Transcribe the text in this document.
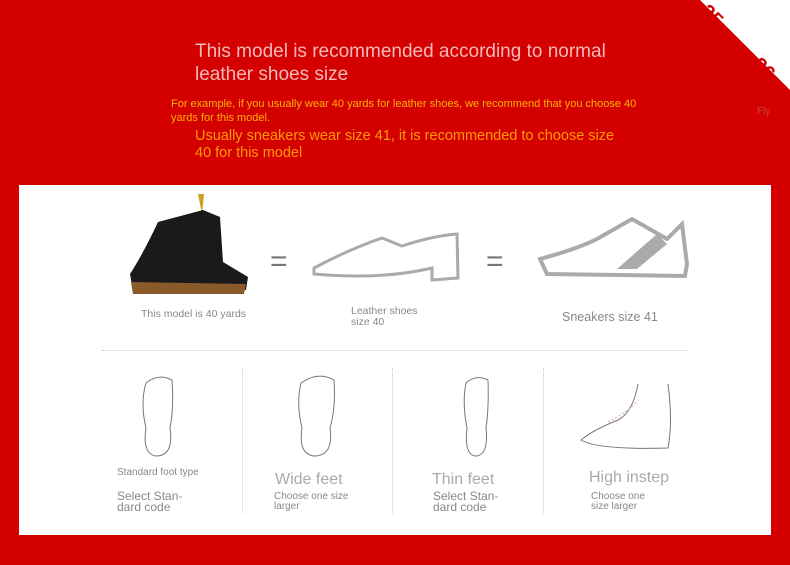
25
26
Fly
This model is recommended according to normal leather shoes size
For example, if you usually wear 40 yards for leather shoes, we recommend that you choose 40 yards for this model.
Usually sneakers wear size 41, it is recommended to choose size 40 for this model
=	=
This model is 40 yards	Leather shoes size 40	Sneakers size 41
Standard foot type
Select Stan- dard code
Wide feet
Choose one size larger
Thin feet
Select Stan- dard code
High instep
Choose one size larger
